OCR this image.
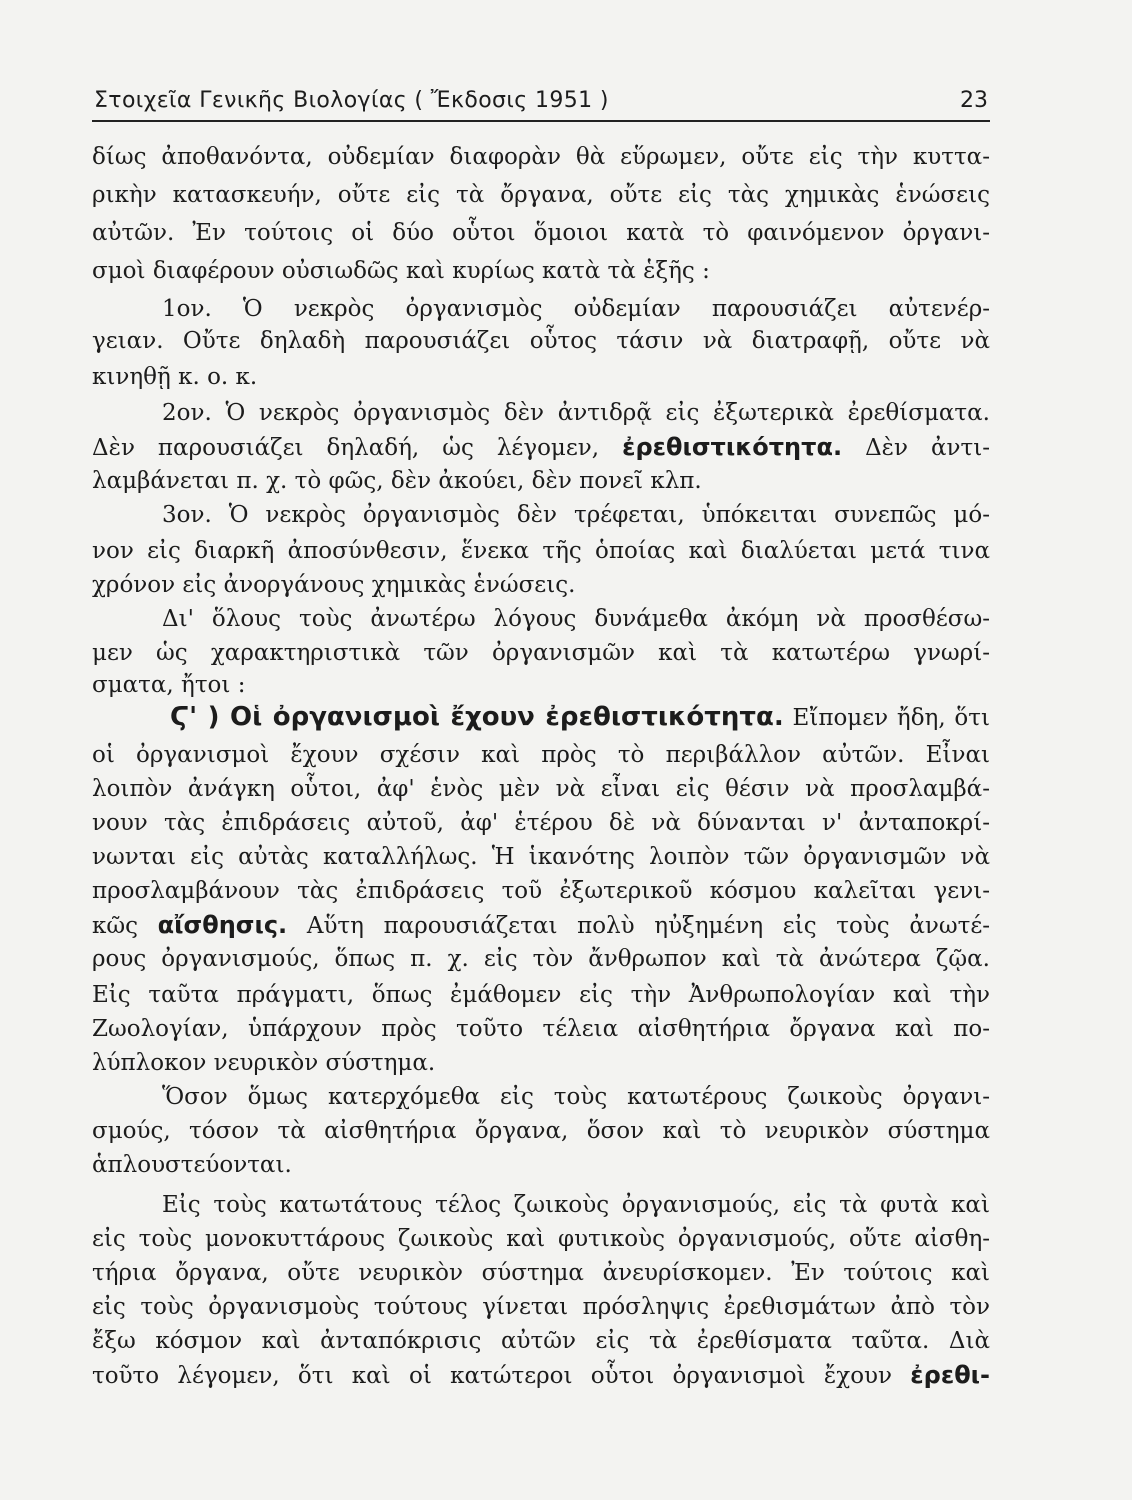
Στοιχεῖα Γενικῆς Βιολογίας ( Ἔκδοσις 1951 )	23
δίως ἀποθανόντα, οὐδεμίαν διαφορὰν θὰ εὕρωμεν, οὔτε εἰς τὴν κυττα-
ρικὴν κατασκευήν, οὔτε εἰς τὰ ὄργανα, οὔτε εἰς τὰς χημικὰς ἑνώσεις
αὐτῶν. Ἐν τούτοις οἱ δύο οὗτοι ὅμοιοι κατὰ τὸ φαινόμενον ὀργανι-
σμοὶ διαφέρουν οὐσιωδῶς καὶ κυρίως κατὰ τὰ ἑξῆς :
1ον. Ὁ νεκρὸς ὀργανισμὸς οὐδεμίαν παρουσιάζει αὐτενέρ-
γειαν. Οὔτε δηλαδὴ παρουσιάζει οὗτος τάσιν νὰ διατραφῇ, οὔτε νὰ
κινηθῇ κ. ο. κ.
2ον. Ὁ νεκρὸς ὀργανισμὸς δὲν ἀντιδρᾷ εἰς ἐξωτερικὰ ἐρεθίσματα.
Δὲν παρουσιάζει δηλαδή, ὡς λέγομεν, ἐρεθιστικότητα. Δὲν ἀντι-
λαμβάνεται π. χ. τὸ φῶς, δὲν ἀκούει, δὲν πονεῖ κλπ.
3ον. Ὁ νεκρὸς ὀργανισμὸς δὲν τρέφεται, ὑπόκειται συνεπῶς μό-
νον εἰς διαρκῆ ἀποσύνθεσιν, ἕνεκα τῆς ὁποίας καὶ διαλύεται μετά τινα
χρόνον εἰς ἀνοργάνους χημικὰς ἑνώσεις.
Δι' ὅλους τοὺς ἀνωτέρω λόγους δυνάμεθα ἀκόμη νὰ προσθέσω-
μεν ὡς χαρακτηριστικὰ τῶν ὀργανισμῶν καὶ τὰ κατωτέρω γνωρί-
σματα, ἤτοι :
Ϛ' ) Οἱ ὀργανισμοὶ ἔχουν ἐρεθιστικότητα. Εἴπομεν ἤδη, ὅτι
οἱ ὀργανισμοὶ ἔχουν σχέσιν καὶ πρὸς τὸ περιβάλλον αὐτῶν. Εἶναι
λοιπὸν ἀνάγκη οὗτοι, ἀφ' ἑνὸς μὲν νὰ εἶναι εἰς θέσιν νὰ προσλαμβά-
νουν τὰς ἐπιδράσεις αὐτοῦ, ἀφ' ἑτέρου δὲ νὰ δύνανται ν' ἀνταποκρί-
νωνται εἰς αὐτὰς καταλλήλως. Ἡ ἱκανότης λοιπὸν τῶν ὀργανισμῶν νὰ
προσλαμβάνουν τὰς ἐπιδράσεις τοῦ ἐξωτερικοῦ κόσμου καλεῖται γενι-
κῶς αἴσθησις. Αὕτη παρουσιάζεται πολὺ ηὐξημένη εἰς τοὺς ἀνωτέ-
ρους ὀργανισμούς, ὅπως π. χ. εἰς τὸν ἄνθρωπον καὶ τὰ ἀνώτερα ζῷα.
Εἰς ταῦτα πράγματι, ὅπως ἐμάθομεν εἰς τὴν Ἀνθρωπολογίαν καὶ τὴν
Ζωολογίαν, ὑπάρχουν πρὸς τοῦτο τέλεια αἰσθητήρια ὄργανα καὶ πο-
λύπλοκον νευρικὸν σύστημα.
Ὅσον ὅμως κατερχόμεθα εἰς τοὺς κατωτέρους ζωικοὺς ὀργανι-
σμούς, τόσον τὰ αἰσθητήρια ὄργανα, ὅσον καὶ τὸ νευρικὸν σύστημα
ἁπλουστεύονται.
Εἰς τοὺς κατωτάτους τέλος ζωικοὺς ὀργανισμούς, εἰς τὰ φυτὰ καὶ
εἰς τοὺς μονοκυττάρους ζωικοὺς καὶ φυτικοὺς ὀργανισμούς, οὔτε αἰσθη-
τήρια ὄργανα, οὔτε νευρικὸν σύστημα ἀνευρίσκομεν. Ἐν τούτοις καὶ
εἰς τοὺς ὀργανισμοὺς τούτους γίνεται πρόσληψις ἐρεθισμάτων ἀπὸ τὸν
ἔξω κόσμον καὶ ἀνταπόκρισις αὐτῶν εἰς τὰ ἐρεθίσματα ταῦτα. Διὰ
τοῦτο λέγομεν, ὅτι καὶ οἱ κατώτεροι οὗτοι ὀργανισμοὶ ἔχουν ἐρεθι-
